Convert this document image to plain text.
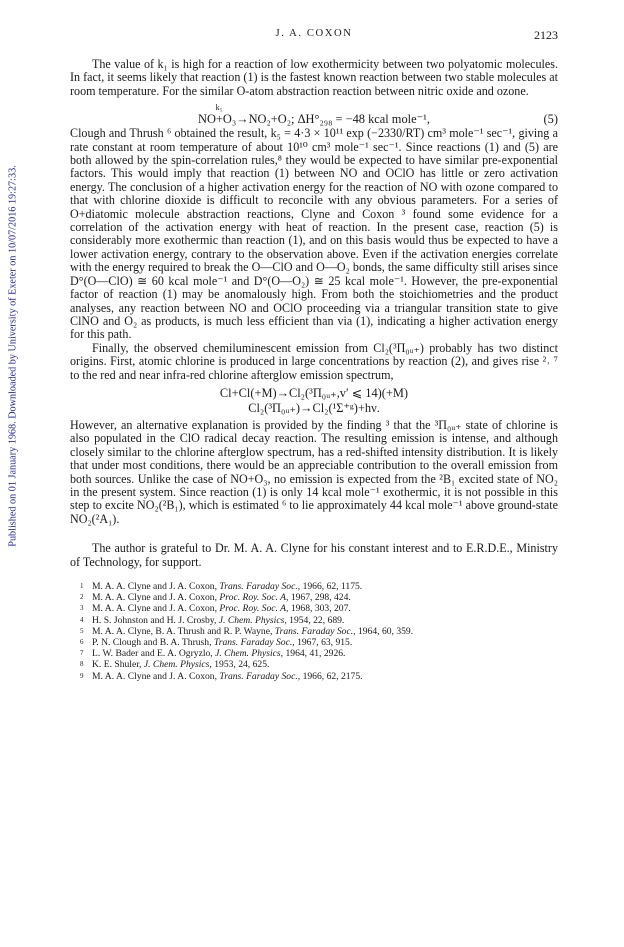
Published on 01 January 1968. Downloaded by University of Exeter on 10/07/2016 19:27:33.
J. A. COXON	2123

The value of k₁ is high for a reaction of low exothermicity between two polyatomic molecules. In fact, it seems likely that reaction (1) is the fastest known reaction between two stable molecules at room temperature. For the similar O-atom abstraction reaction between nitric oxide and ozone.

k₅
NO+O₃→NO₂+O₂; ΔH°₂₉₈ = −48 kcal mole⁻¹,	(5)

Clough and Thrush ⁶ obtained the result, k₅ = 4·3 × 10¹¹ exp (−2330/RT) cm³ mole⁻¹ sec⁻¹, giving a rate constant at room temperature of about 10¹⁰ cm³ mole⁻¹ sec⁻¹. Since reactions (1) and (5) are both allowed by the spin-correlation rules,⁸ they would be expected to have similar pre-exponential factors. This would imply that reaction (1) between NO and OClO has little or zero activation energy. The conclusion of a higher activation energy for the reaction of NO with ozone compared to that with chlorine dioxide is difficult to reconcile with any obvious parameters. For a series of O+diatomic molecule abstraction reactions, Clyne and Coxon ³ found some evidence for a correlation of the activation energy with heat of reaction. In the present case, reaction (5) is considerably more exothermic than reaction (1), and on this basis would thus be expected to have a lower activation energy, contrary to the observation above. Even if the activation energies correlate with the energy required to break the O—ClO and O—O₂ bonds, the same difficulty still arises since D°(O—ClO) ≅ 60 kcal mole⁻¹ and D°(O—O₂) ≅ 25 kcal mole⁻¹. However, the pre-exponential factor of reaction (1) may be anomalously high. From both the stoichiometries and the product analyses, any reaction between NO and OClO proceeding via a triangular transition state to give ClNO and O₂ as products, is much less efficient than via (1), indicating a higher activation energy for this path.

Finally, the observed chemiluminescent emission from Cl₂(³Π₀ᵤ₊) probably has two distinct origins. First, atomic chlorine is produced in large concentrations by reaction (2), and gives rise ²˒ ⁷ to the red and near infra-red chlorine afterglow emission spectrum,

Cl+Cl(+M)→Cl₂(³Π₀ᵤ₊,v′ ⩽ 14)(+M)
Cl₂(³Π₀ᵤ₊)→Cl₂(¹Σ⁺ᵍ)+hν.

However, an alternative explanation is provided by the finding ³ that the ³Π₀ᵤ₊ state of chlorine is also populated in the ClO radical decay reaction. The resulting emission is intense, and although closely similar to the chlorine afterglow spectrum, has a red-shifted intensity distribution. It is likely that under most conditions, there would be an appreciable contribution to the overall emission from both sources. Unlike the case of NO+O₃, no emission is expected from the ²B₁ excited state of NO₂ in the present system. Since reaction (1) is only 14 kcal mole⁻¹ exothermic, it is not possible in this step to excite NO₂(²B₁), which is estimated ⁶ to lie approximately 44 kcal mole⁻¹ above ground-state NO₂(²A₁).

The author is grateful to Dr. M. A. A. Clyne for his constant interest and to E.R.D.E., Ministry of Technology, for support.

1 M. A. A. Clyne and J. A. Coxon, Trans. Faraday Soc., 1966, 62, 1175.
2 M. A. A. Clyne and J. A. Coxon, Proc. Roy. Soc. A, 1967, 298, 424.
3 M. A. A. Clyne and J. A. Coxon, Proc. Roy. Soc. A, 1968, 303, 207.
4 H. S. Johnston and H. J. Crosby, J. Chem. Physics, 1954, 22, 689.
5 M. A. A. Clyne, B. A. Thrush and R. P. Wayne, Trans. Faraday Soc., 1964, 60, 359.
6 P. N. Clough and B. A. Thrush, Trans. Faraday Soc., 1967, 63, 915.
7 L. W. Bader and E. A. Ogryzlo, J. Chem. Physics, 1964, 41, 2926.
8 K. E. Shuler, J. Chem. Physics, 1953, 24, 625.
9 M. A. A. Clyne and J. A. Coxon, Trans. Faraday Soc., 1966, 62, 2175.
